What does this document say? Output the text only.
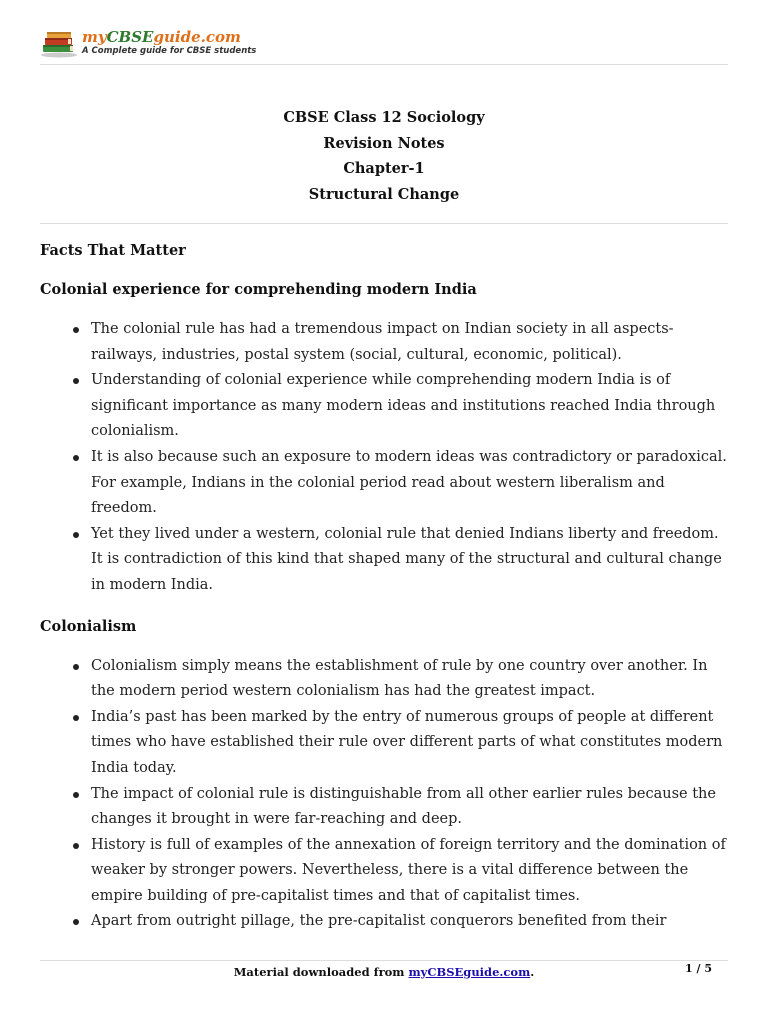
myCBSEguide.com
A Complete guide for CBSE students
CBSE Class 12 Sociology
Revision Notes
Chapter-1
Structural Change
Facts That Matter
Colonial experience for comprehending modern India
The colonial rule has had a tremendous impact on Indian society in all aspects- railways, industries, postal system (social, cultural, economic, political).
Understanding of colonial experience while comprehending modern India is of significant importance as many modern ideas and institutions reached India through colonialism.
It is also because such an exposure to modern ideas was contradictory or paradoxical. For example, Indians in the colonial period read about western liberalism and freedom.
Yet they lived under a western, colonial rule that denied Indians liberty and freedom. It is contradiction of this kind that shaped many of the structural and cultural change in modern India.
Colonialism
Colonialism simply means the establishment of rule by one country over another. In the modern period western colonialism has had the greatest impact.
India’s past has been marked by the entry of numerous groups of people at different times who have established their rule over different parts of what constitutes modern India today.
The impact of colonial rule is distinguishable from all other earlier rules because the changes it brought in were far-reaching and deep.
History is full of examples of the annexation of foreign territory and the domination of weaker by stronger powers. Nevertheless, there is a vital difference between the empire building of pre-capitalist times and that of capitalist times.
Apart from outright pillage, the pre-capitalist conquerors benefited from their
Material downloaded from myCBSEguide.com.	1 / 5
